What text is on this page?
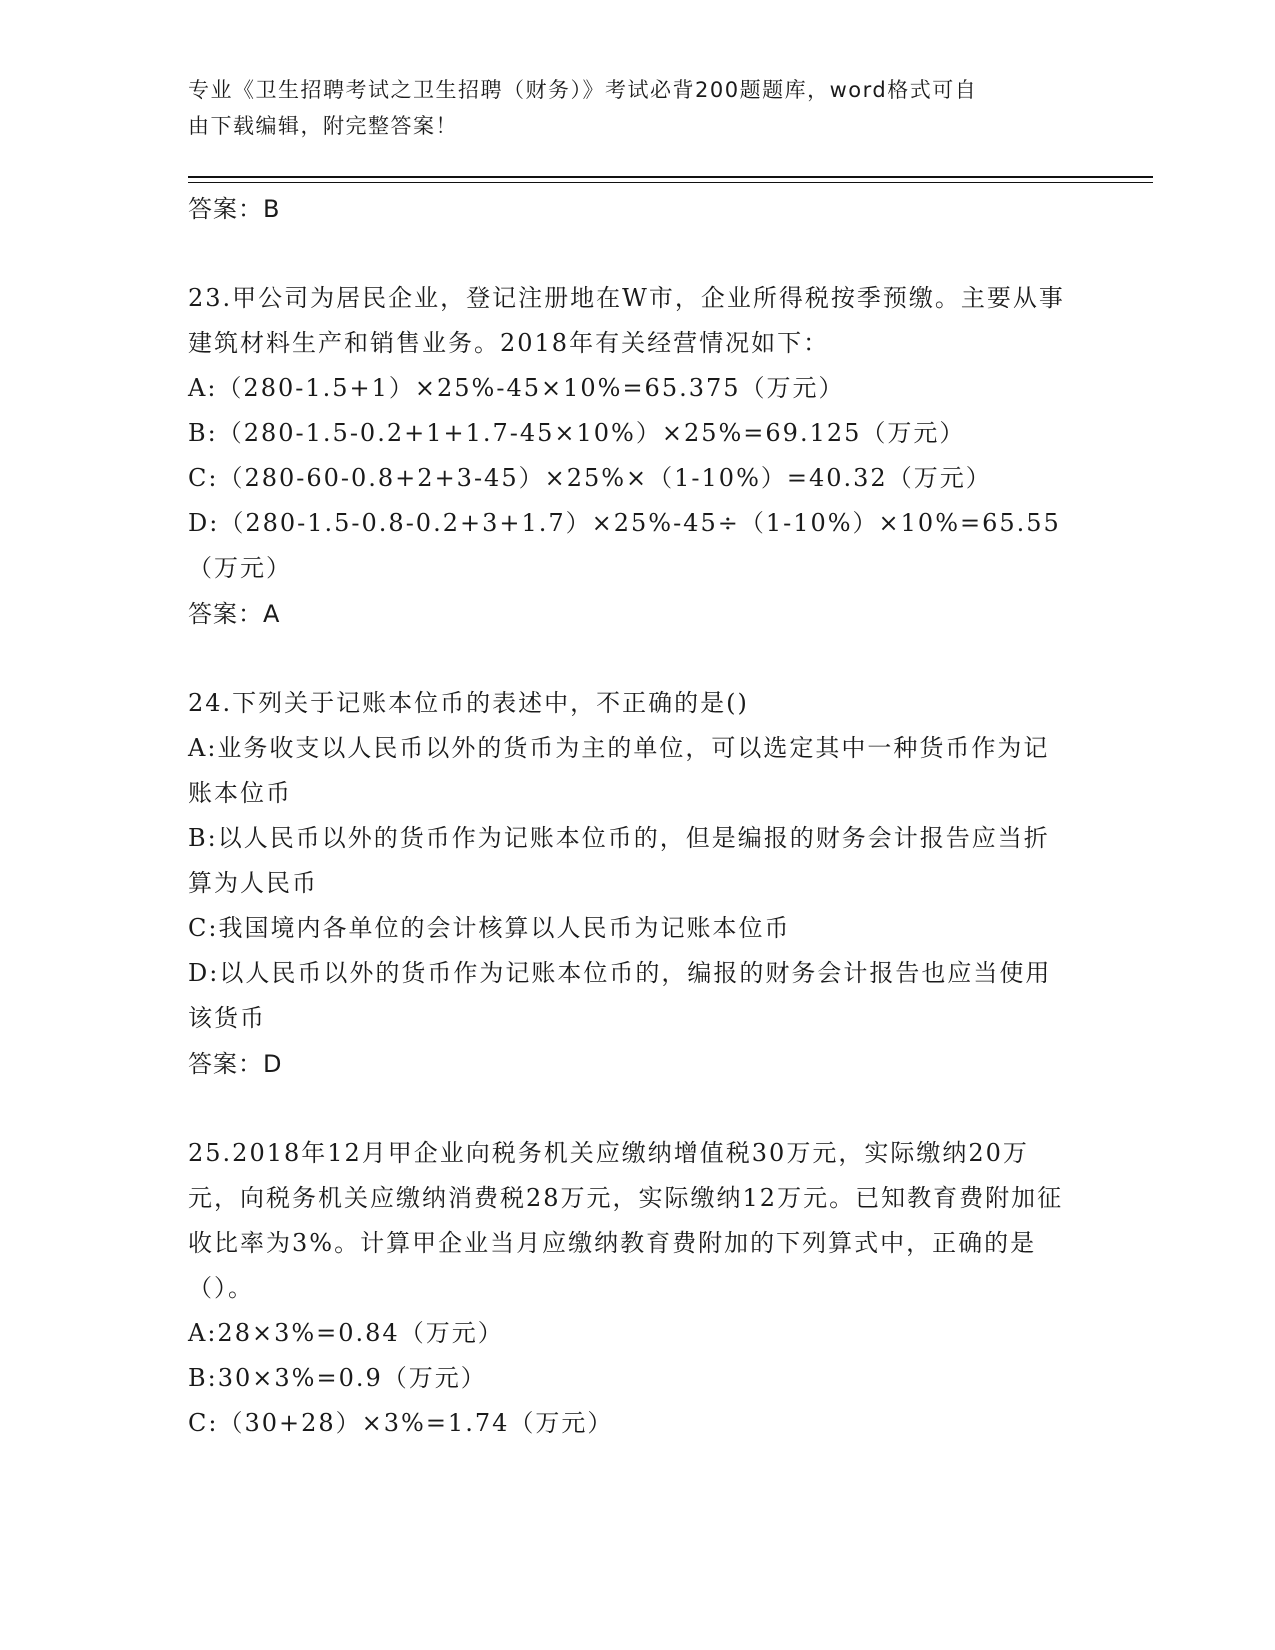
专业《卫生招聘考试之卫生招聘（财务）》考试必背200题题库，word格式可自
由下载编辑，附完整答案！

答案：B

23.甲公司为居民企业，登记注册地在W市，企业所得税按季预缴。主要从事建筑材料生产和销售业务。2018年有关经营情况如下：

A: （280-1.5+1）×25%-45×10%=65.375（万元）
B: （280-1.5-0.2+1+1.7-45×10%）×25%=69.125（万元）
C: （280-60-0.8+2+3-45）×25%×（1-10%）=40.32（万元）

D:（280-1.5-0.8-0.2+3+1.7）×25%-45÷（1-10%）×10%=65.55（万元）

答案：A

24.下列关于记账本位币的表述中，不正确的是()

A:业务收支以人民币以外的货币为主的单位，可以选定其中一种货币作为记账本位币

B:以人民币以外的货币作为记账本位币的，但是编报的财务会计报告应当折算为人民币

C:我国境内各单位的会计核算以人民币为记账本位币

D:以人民币以外的货币作为记账本位币的，编报的财务会计报告也应当使用该货币

答案：D

25.2018年12月甲企业向税务机关应缴纳增值税30万元，实际缴纳20万元，向税务机关应缴纳消费税28万元，实际缴纳12万元。已知教育费附加征收比率为3%。计算甲企业当月应缴纳教育费附加的下列算式中，正确的是（）。

A:28×3%=0.84（万元）

B:30×3%=0.9（万元）

C:（30+28）×3%=1.74（万元）
